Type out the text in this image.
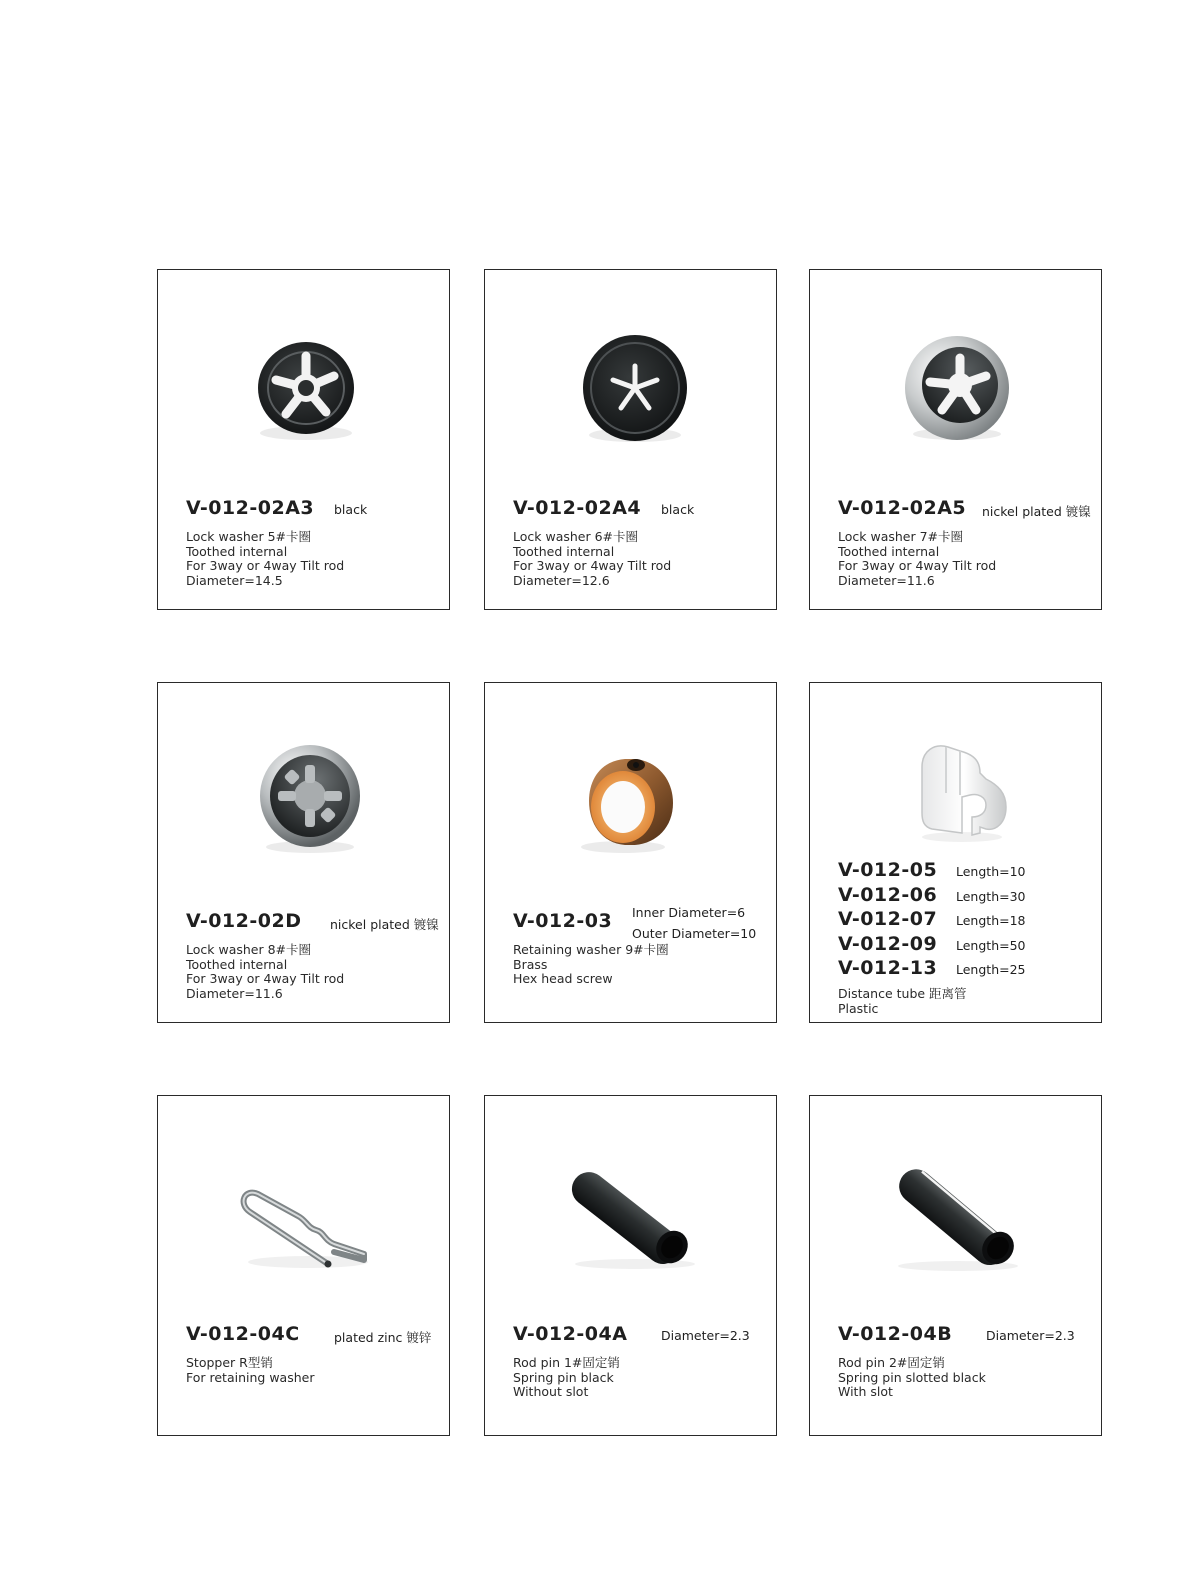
V-012-02A3 black
Lock washer 5#卡圈
Toothed internal
For 3way or 4way Tilt rod
Diameter=14.5
V-012-02A4 black
Lock washer 6#卡圈
Toothed internal
For 3way or 4way Tilt rod
Diameter=12.6
V-012-02A5 nickel plated 镀镍
Lock washer 7#卡圈
Toothed internal
For 3way or 4way Tilt rod
Diameter=11.6
V-012-02D nickel plated 镀镍
Lock washer 8#卡圈
Toothed internal
For 3way or 4way Tilt rod
Diameter=11.6
V-012-03 Inner Diameter=6
Outer Diameter=10
Retaining washer 9#卡圈
Brass
Hex head screw
V-012-05	Length=10
V-012-06	Length=30
V-012-07	Length=18
V-012-09	Length=50
V-012-13	Length=25
Distance tube 距离管
Plastic
V-012-04C	plated zinc 镀锌
Stopper R型销
For retaining washer
V-012-04A	Diameter=2.3
Rod pin 1#固定销
Spring pin black
Without slot
V-012-04B	Diameter=2.3
Rod pin 2#固定销
Spring pin slotted black
With slot
